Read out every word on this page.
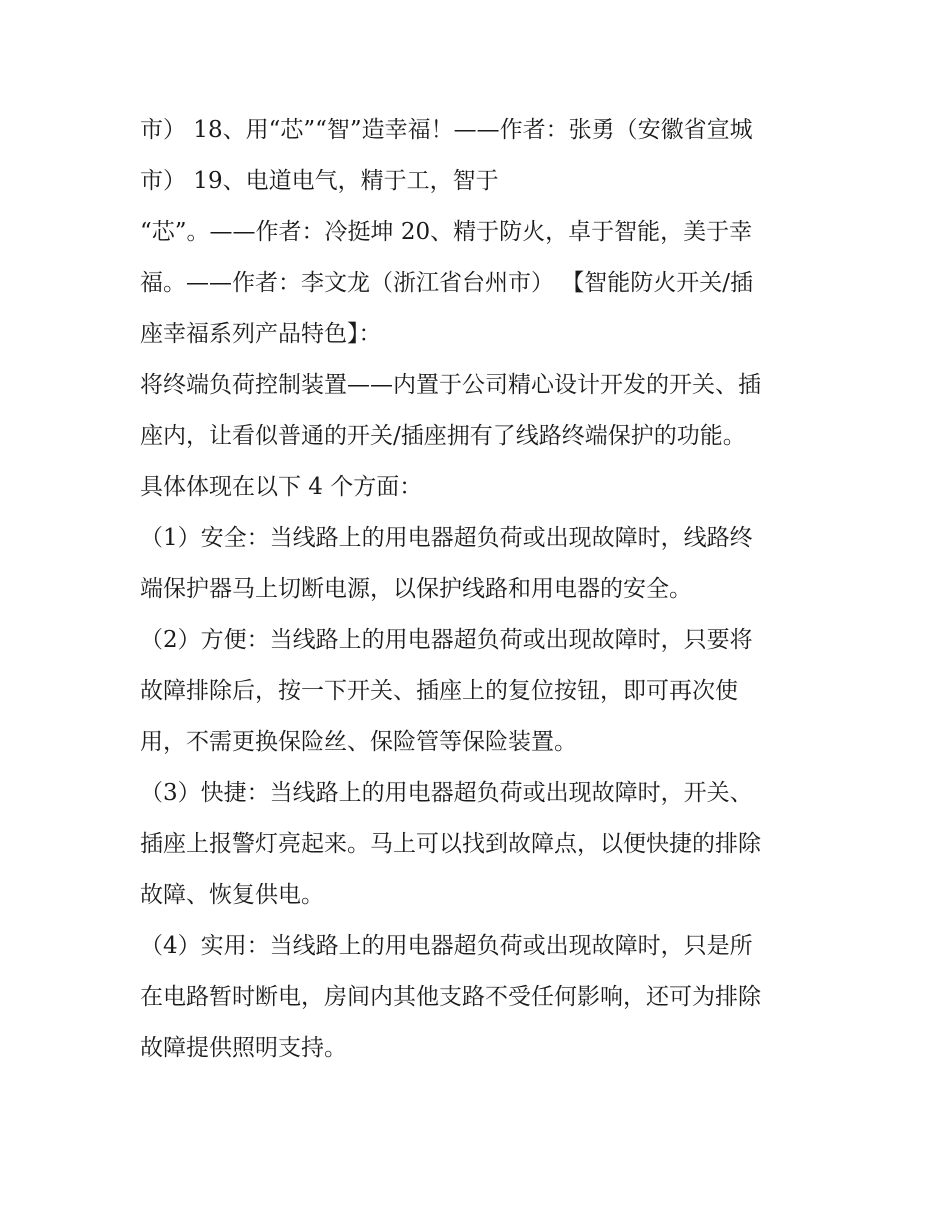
市） 18、用“芯”“智”造幸福！——作者：张勇（安徽省宣城
市） 19、电道电气，精于工，智于
“芯”。——作者：冷挺坤 20、精于防火，卓于智能，美于幸
福。——作者：李文龙（浙江省台州市） 【智能防火开关/插
座幸福系列产品特色】：
将终端负荷控制装置——内置于公司精心设计开发的开关、插
座内，让看似普通的开关/插座拥有了线路终端保护的功能。
具体体现在以下 4 个方面：
（1）安全：当线路上的用电器超负荷或出现故障时，线路终
端保护器马上切断电源，以保护线路和用电器的安全。
（2）方便：当线路上的用电器超负荷或出现故障时，只要将
故障排除后，按一下开关、插座上的复位按钮，即可再次使
用，不需更换保险丝、保险管等保险装置。
（3）快捷：当线路上的用电器超负荷或出现故障时，开关、
插座上报警灯亮起来。马上可以找到故障点，以便快捷的排除
故障、恢复供电。
（4）实用：当线路上的用电器超负荷或出现故障时，只是所
在电路暂时断电，房间内其他支路不受任何影响，还可为排除
故障提供照明支持。
